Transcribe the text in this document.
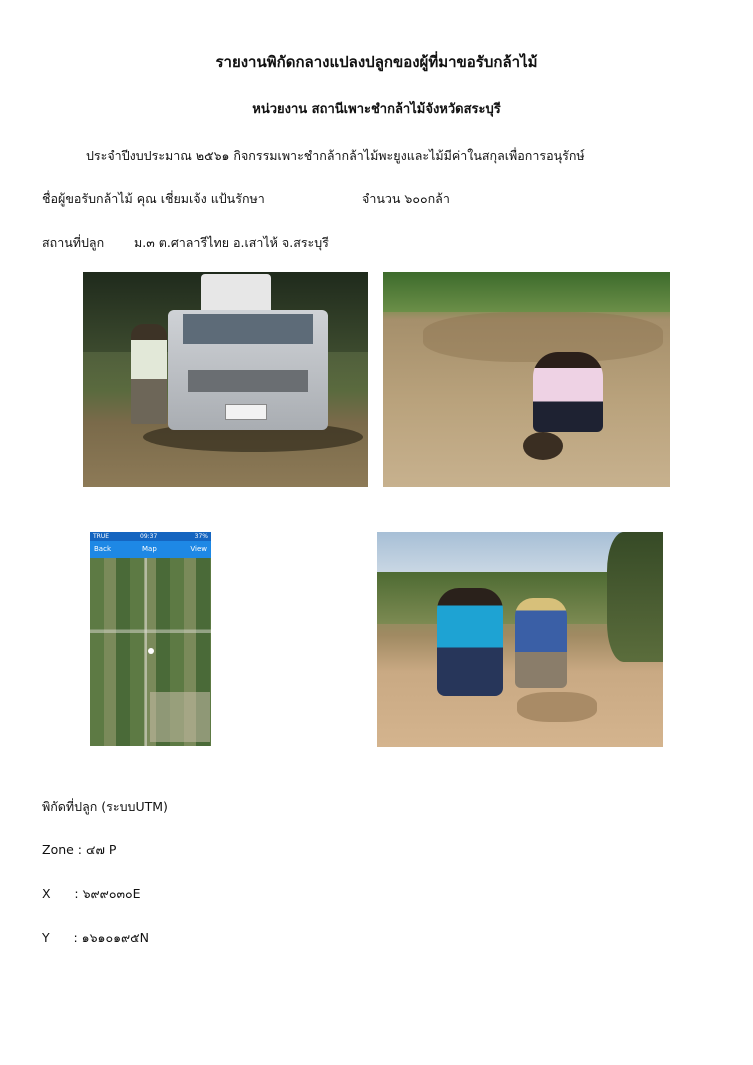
รายงานพิกัดกลางแปลงปลูกของผู้ที่มาขอรับกล้าไม้
หน่วยงาน สถานีเพาะชำกล้าไม้จังหวัดสระบุรี
ประจำปีงบประมาณ ๒๕๖๑ กิจกรรมเพาะชำกล้ากล้าไม้พะยูงและไม้มีค่าในสกุลเพื่อการอนุรักษ์
ชื่อผู้ขอรับกล้าไม้ คุณ เชี่ยมเจ้ง แป้นรักษา	จำนวน ๖๐๐กล้า
สถานที่ปลูก ม.๓ ต.ศาลารีไทย อ.เสาไห้ จ.สระบุรี
TRUE	09:37	37%
Back	Map	View
พิกัดที่ปลูก (ระบบUTM)
Zone : ๔๗ P
X      : ๖๙๙๐๓๐E
Y      : ๑๖๑๐๑๙๕N
